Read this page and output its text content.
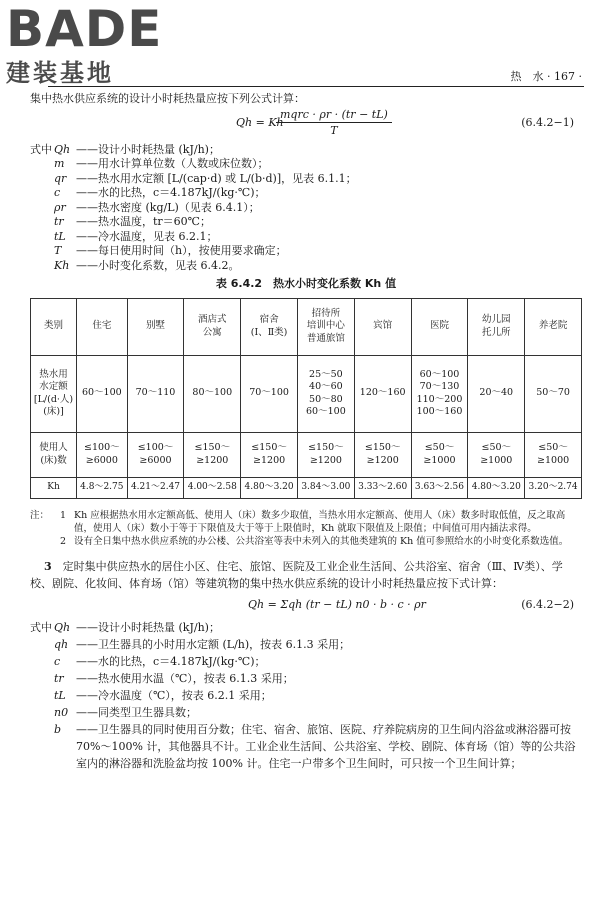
BADE
建装基地	热　水 · 167 ·

集中热水供应系统的设计小时耗热量应按下列公式计算：

Qh = Kh
mqrc · ρr · (tr − tL)
T
(6.4.2−1)
式中 Qh ——设计小时耗热量 (kJ/h)；
m	——用水计算单位数（人数或床位数）；
qr ——热水用水定额 [L/(cap·d) 或 L/(b·d)]，见表 6.1.1；
c	——水的比热，c＝4.187kJ/(kg·℃)；
ρr ——热水密度 (kg/L)（见表 6.4.1）；
tr	——热水温度，tr＝60℃；
tL ——冷水温度，见表 6.2.1；
T	——每日使用时间（h），按使用要求确定；
Kh ——小时变化系数，见表 6.4.2。
表 6.4.2　热水小时变化系数 Kh 值
类别	住宅	别墅	酒店式
公寓	宿舍
(Ⅰ、Ⅱ类)	招待所
培训中心
普通旅馆	宾馆	医院	幼儿园
托儿所	养老院
热水用
水定额
[L/(d·人)
(床)]	60～100	70～110	80～100	70～100	25～50
40～60
50～80
60～100	120～160	60～100
70～130
110～200
100～160	20～40	50～70
使用人
(床)数	≤100～
≥6000	≤100～
≥6000	≤150～
≥1200	≤150～
≥1200	≤150～
≥1200	≤150～
≥1200	≤50～
≥1000	≤50～
≥1000	≤50～
≥1000
Kh	4.8～2.75	4.21～2.47	4.00～2.58	4.80～3.20	3.84～3.00	3.33～2.60	3.63～2.56	4.80～3.20	3.20～2.74
注：	1 Kh 应根据热水用水定额高低、使用人（床）数多少取值，当热水用水定额高、使用人（床）数多时取低值，反之取高值，使用人（床）数小于等于下限值及大于等于上限值时，Kh 就取下限值及上限值；中间值可用内插法求得。
2 设有全日集中热水供应系统的办公楼、公共浴室等表中未列入的其他类建筑的 Kh 值可参照给水的小时变化系数选值。

3　 定时集中供应热水的居住小区、住宅、旅馆、医院及工业企业生活间、公共浴室、宿舍（Ⅲ、Ⅳ类）、学校、剧院、化妆间、体育场（馆）等建筑物的集中热水供应系统的设计小时耗热量应按下式计算：

Qh = Σqh (tr − tL) n0 · b · c · ρr	(6.4.2−2)
式中 Qh ——设计小时耗热量 (kJ/h)；
qh ——卫生器具的小时用水定额 (L/h)，按表 6.1.3 采用；
c	——水的比热，c＝4.187kJ/(kg·℃)；
tr	——热水使用水温（℃），按表 6.1.3 采用；
tL ——冷水温度（℃），按表 6.2.1 采用；
n0 ——同类型卫生器具数；
b	——卫生器具的同时使用百分数；住宅、宿舍、旅馆、医院、疗养院病房的卫生间内浴盆或淋浴器可按 70%～100% 计，其他器具不计。工业企业生活间、公共浴室、学校、剧院、体育场（馆）等的公共浴室内的淋浴器和洗脸盆均按 100% 计。住宅一户带多个卫生间时，可只按一个卫生间计算；
